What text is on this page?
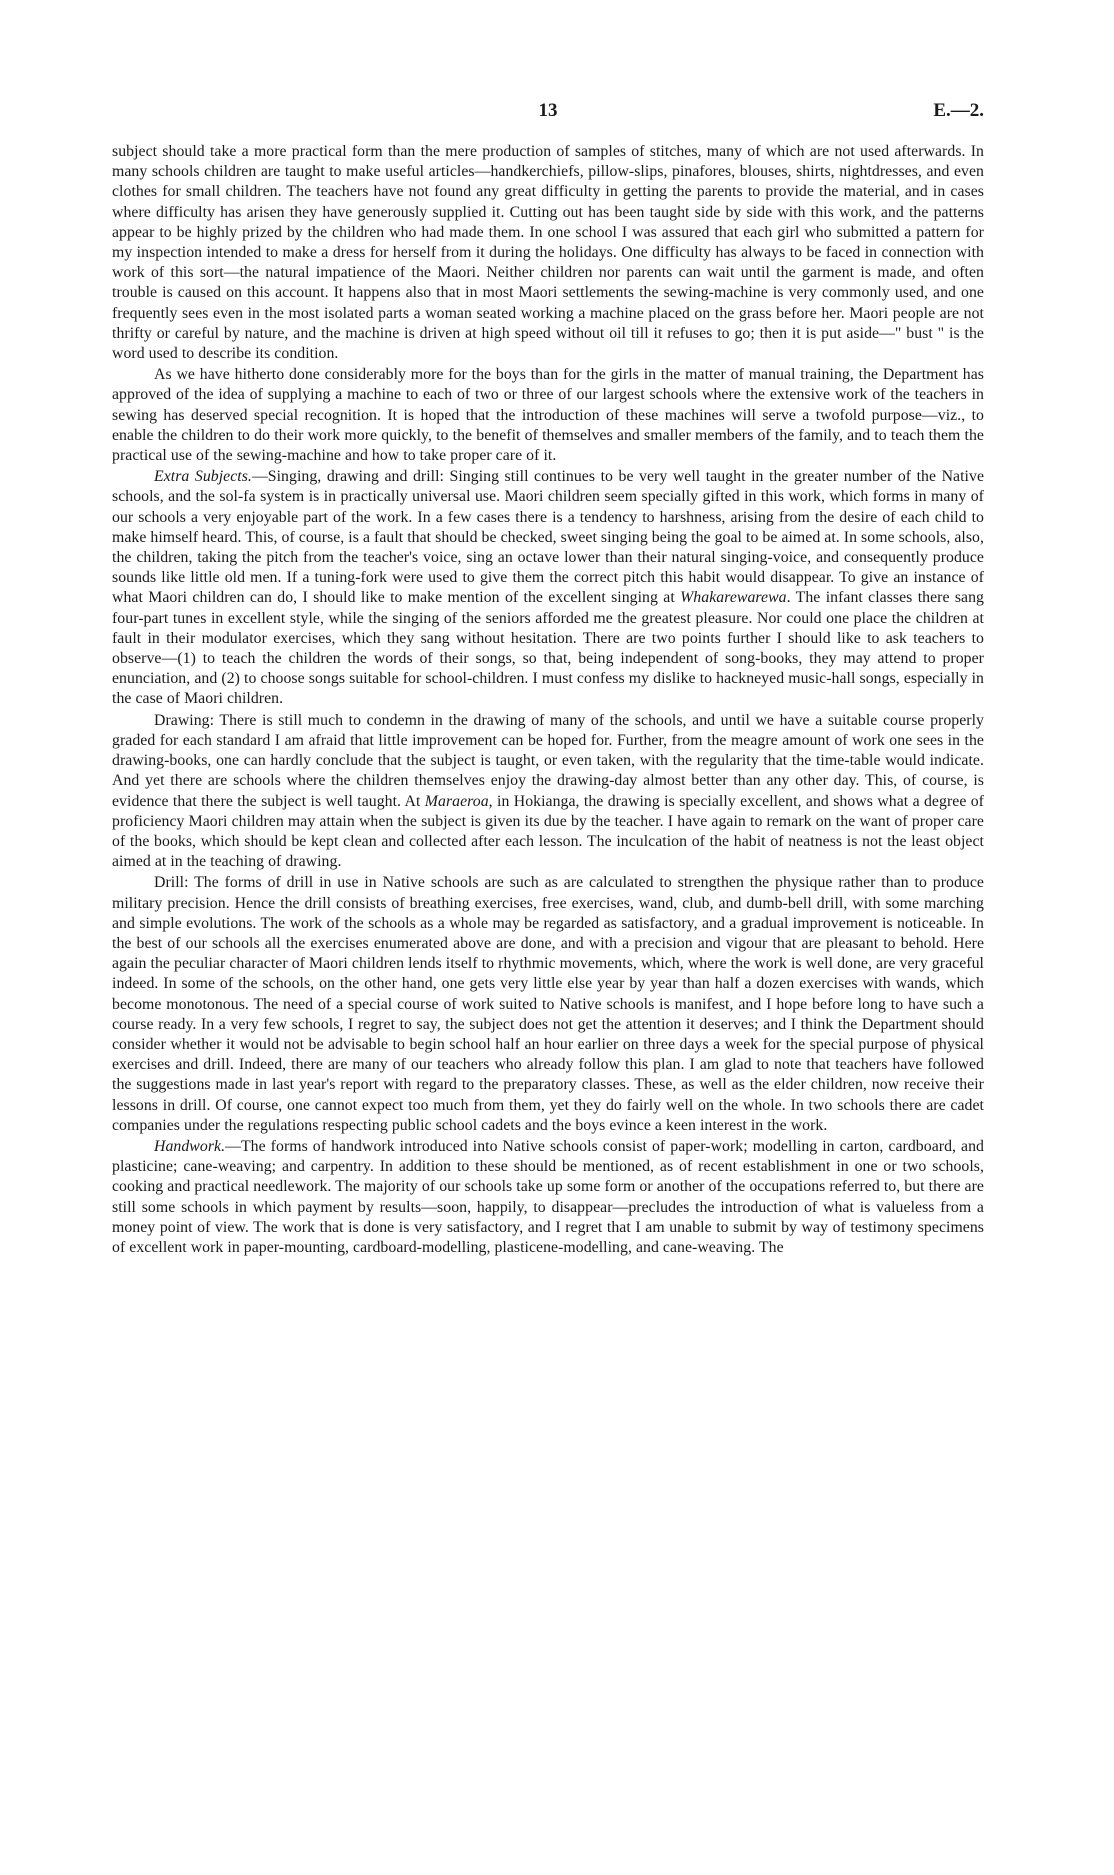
13	E.—2.

subject should take a more practical form than the mere production of samples of stitches, many of which are not used afterwards. In many schools children are taught to make useful articles—handkerchiefs, pillow-slips, pinafores, blouses, shirts, nightdresses, and even clothes for small children. The teachers have not found any great difficulty in getting the parents to provide the material, and in cases where difficulty has arisen they have generously supplied it. Cutting out has been taught side by side with this work, and the patterns appear to be highly prized by the children who had made them. In one school I was assured that each girl who submitted a pattern for my inspection intended to make a dress for herself from it during the holidays. One difficulty has always to be faced in connection with work of this sort—the natural impatience of the Maori. Neither children nor parents can wait until the garment is made, and often trouble is caused on this account. It happens also that in most Maori settlements the sewing-machine is very commonly used, and one frequently sees even in the most isolated parts a woman seated working a machine placed on the grass before her. Maori people are not thrifty or careful by nature, and the machine is driven at high speed without oil till it refuses to go; then it is put aside—" bust " is the word used to describe its condition.

As we have hitherto done considerably more for the boys than for the girls in the matter of manual training, the Department has approved of the idea of supplying a machine to each of two or three of our largest schools where the extensive work of the teachers in sewing has deserved special recognition. It is hoped that the introduction of these machines will serve a twofold purpose—viz., to enable the children to do their work more quickly, to the benefit of themselves and smaller members of the family, and to teach them the practical use of the sewing-machine and how to take proper care of it.

Extra Subjects.—Singing, drawing and drill: Singing still continues to be very well taught in the greater number of the Native schools, and the sol-fa system is in practically universal use. Maori children seem specially gifted in this work, which forms in many of our schools a very enjoyable part of the work. In a few cases there is a tendency to harshness, arising from the desire of each child to make himself heard. This, of course, is a fault that should be checked, sweet singing being the goal to be aimed at. In some schools, also, the children, taking the pitch from the teacher's voice, sing an octave lower than their natural singing-voice, and consequently produce sounds like little old men. If a tuning-fork were used to give them the correct pitch this habit would disappear. To give an instance of what Maori children can do, I should like to make mention of the excellent singing at Whakarewarewa. The infant classes there sang four-part tunes in excellent style, while the singing of the seniors afforded me the greatest pleasure. Nor could one place the children at fault in their modulator exercises, which they sang without hesitation. There are two points further I should like to ask teachers to observe—(1) to teach the children the words of their songs, so that, being independent of song-books, they may attend to proper enunciation, and (2) to choose songs suitable for school-children. I must confess my dislike to hackneyed music-hall songs, especially in the case of Maori children.

Drawing: There is still much to condemn in the drawing of many of the schools, and until we have a suitable course properly graded for each standard I am afraid that little improvement can be hoped for. Further, from the meagre amount of work one sees in the drawing-books, one can hardly conclude that the subject is taught, or even taken, with the regularity that the time-table would indicate. And yet there are schools where the children themselves enjoy the drawing-day almost better than any other day. This, of course, is evidence that there the subject is well taught. At Maraeroa, in Hokianga, the drawing is specially excellent, and shows what a degree of proficiency Maori children may attain when the subject is given its due by the teacher. I have again to remark on the want of proper care of the books, which should be kept clean and collected after each lesson. The inculcation of the habit of neatness is not the least object aimed at in the teaching of drawing.

Drill: The forms of drill in use in Native schools are such as are calculated to strengthen the physique rather than to produce military precision. Hence the drill consists of breathing exercises, free exercises, wand, club, and dumb-bell drill, with some marching and simple evolutions. The work of the schools as a whole may be regarded as satisfactory, and a gradual improvement is noticeable. In the best of our schools all the exercises enumerated above are done, and with a precision and vigour that are pleasant to behold. Here again the peculiar character of Maori children lends itself to rhythmic movements, which, where the work is well done, are very graceful indeed. In some of the schools, on the other hand, one gets very little else year by year than half a dozen exercises with wands, which become monotonous. The need of a special course of work suited to Native schools is manifest, and I hope before long to have such a course ready. In a very few schools, I regret to say, the subject does not get the attention it deserves; and I think the Department should consider whether it would not be advisable to begin school half an hour earlier on three days a week for the special purpose of physical exercises and drill. Indeed, there are many of our teachers who already follow this plan. I am glad to note that teachers have followed the suggestions made in last year's report with regard to the preparatory classes. These, as well as the elder children, now receive their lessons in drill. Of course, one cannot expect too much from them, yet they do fairly well on the whole. In two schools there are cadet companies under the regulations respecting public school cadets and the boys evince a keen interest in the work.

Handwork.—The forms of handwork introduced into Native schools consist of paper-work; modelling in carton, cardboard, and plasticine; cane-weaving; and carpentry. In addition to these should be mentioned, as of recent establishment in one or two schools, cooking and practical needlework. The majority of our schools take up some form or another of the occupations referred to, but there are still some schools in which payment by results—soon, happily, to disappear—precludes the introduction of what is valueless from a money point of view. The work that is done is very satisfactory, and I regret that I am unable to submit by way of testimony specimens of excellent work in paper-mounting, cardboard-modelling, plasticene-modelling, and cane-weaving. The
